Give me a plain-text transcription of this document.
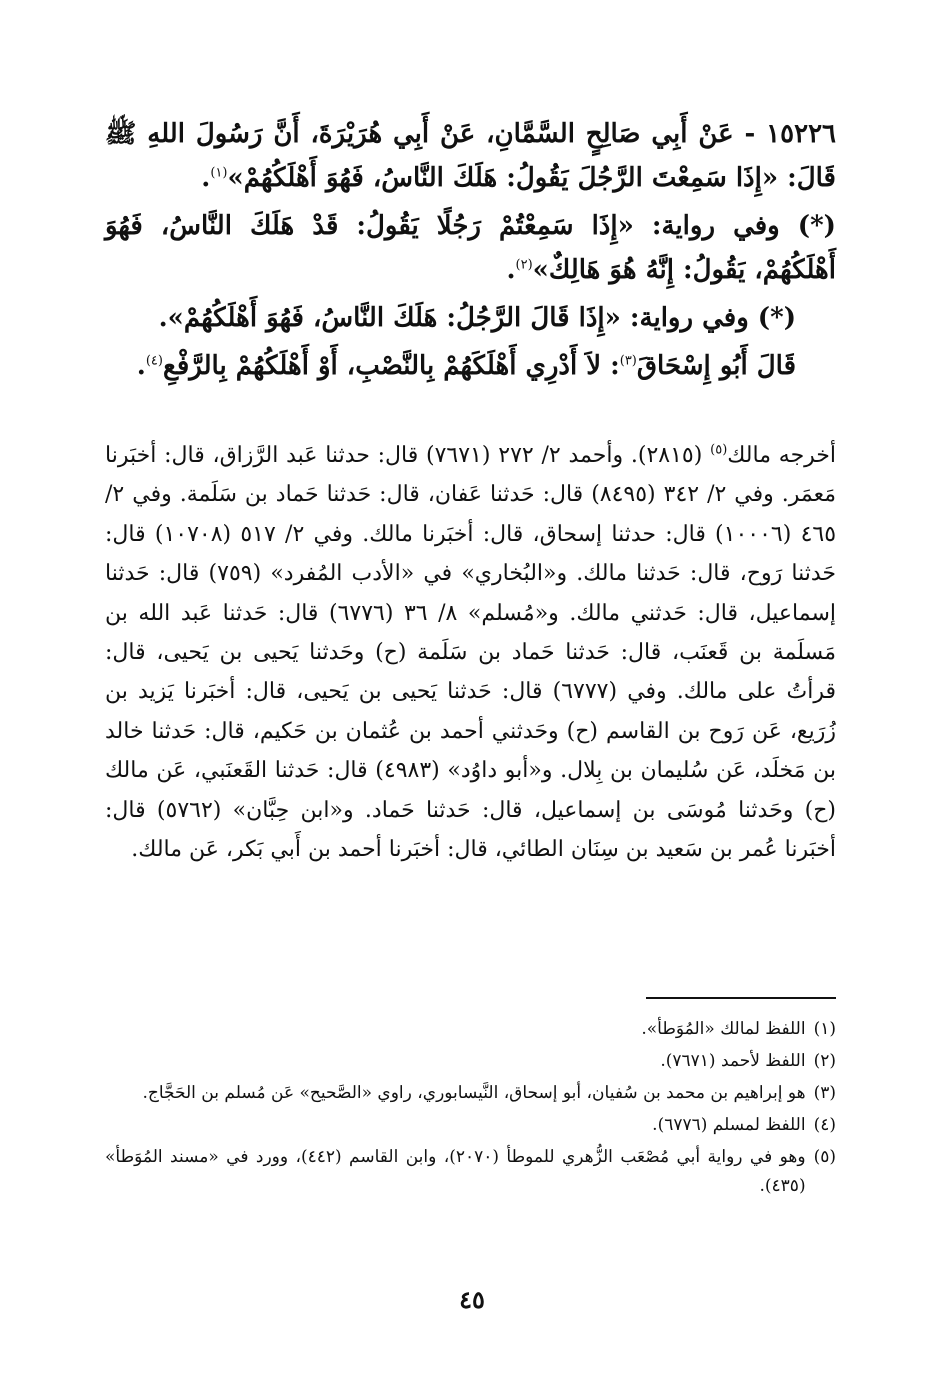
١٥٢٢٦ - عَنْ أَبِي صَالِحٍ السَّمَّانِ، عَنْ أَبِي هُرَيْرَةَ، أَنَّ رَسُولَ اللهِ ﷺ قَالَ: «إِذَا سَمِعْتَ الرَّجُلَ يَقُولُ: هَلَكَ النَّاسُ، فَهُوَ أَهْلَكُهُمْ»$^{(١)}$.

(*) وفي رواية: «إِذَا سَمِعْتُمْ رَجُلًا يَقُولُ: قَدْ هَلَكَ النَّاسُ، فَهُوَ أَهْلَكُهُمْ، يَقُولُ: إِنَّهُ هُوَ هَالِكٌ»$^{(٢)}$.

(*) وفي رواية: «إِذَا قَالَ الرَّجُلُ: هَلَكَ النَّاسُ، فَهُوَ أَهْلَكُهُمْ».

قَالَ أَبُو إِسْحَاقَ$^{(٣)}$: لاَ أَدْرِي أَهْلَكَهُمْ بِالنَّصْبِ، أَوْ أَهْلَكُهُمْ بِالرَّفْعِ$^{(٤)}$.

أخرجه مالك$^{(٥)}$ (٢٨١٥). وأحمد ٢/ ٢٧٢ (٧٦٧١) قال: حدثنا عَبد الرَّزاق، قال: أخبَرنا مَعمَر. وفي ٢/ ٣٤٢ (٨٤٩٥) قال: حَدثنا عَفان، قال: حَدثنا حَماد بن سَلَمة. وفي ٢/ ٤٦٥ (١٠٠٠٦) قال: حدثنا إسحاق، قال: أخبَرنا مالك. وفي ٢/ ٥١٧ (١٠٧٠٨) قال: حَدثنا رَوح، قال: حَدثنا مالك. و«البُخاري» في «الأدب المُفرد» (٧٥٩) قال: حَدثنا إسماعيل، قال: حَدثني مالك. و«مُسلم» ٨/ ٣٦ (٦٧٧٦) قال: حَدثنا عَبد الله بن مَسلَمة بن قَعنَب، قال: حَدثنا حَماد بن سَلَمة (ح) وحَدثنا يَحيى بن يَحيى، قال: قرأتُ على مالك. وفي (٦٧٧٧) قال: حَدثنا يَحيى بن يَحيى، قال: أخبَرنا يَزيد بن زُرَيع، عَن رَوح بن القاسم (ح) وحَدثني أحمد بن عُثمان بن حَكيم، قال: حَدثنا خالد بن مَخلَد، عَن سُليمان بن بِلال. و«أبو داوُد» (٤٩٨٣) قال: حَدثنا القَعنَبي، عَن مالك (ح) وحَدثنا مُوسَى بن إسماعيل، قال: حَدثنا حَماد. و«ابن حِبَّان» (٥٧٦٢) قال: أخبَرنا عُمر بن سَعيد بن سِنَان الطائي، قال: أخبَرنا أحمد بن أَبي بَكر، عَن مالك.

(١)
اللفظ لمالك «المُوَطأ».
(٢)
اللفظ لأحمد (٧٦٧١).
(٣)
هو إبراهيم بن محمد بن سُفيان، أبو إسحاق، النَّيسابوري، راوي «الصَّحيح» عَن مُسلم بن الحَجَّاج.
(٤)
اللفظ لمسلم (٦٧٧٦).
(٥)
وهو في رواية أبي مُصْعَب الزُّهري للموطأ (٢٠٧٠)، وابن القاسم (٤٤٢)، وورد في «مسند المُوَطأ» (٤٣٥).
٤٥
